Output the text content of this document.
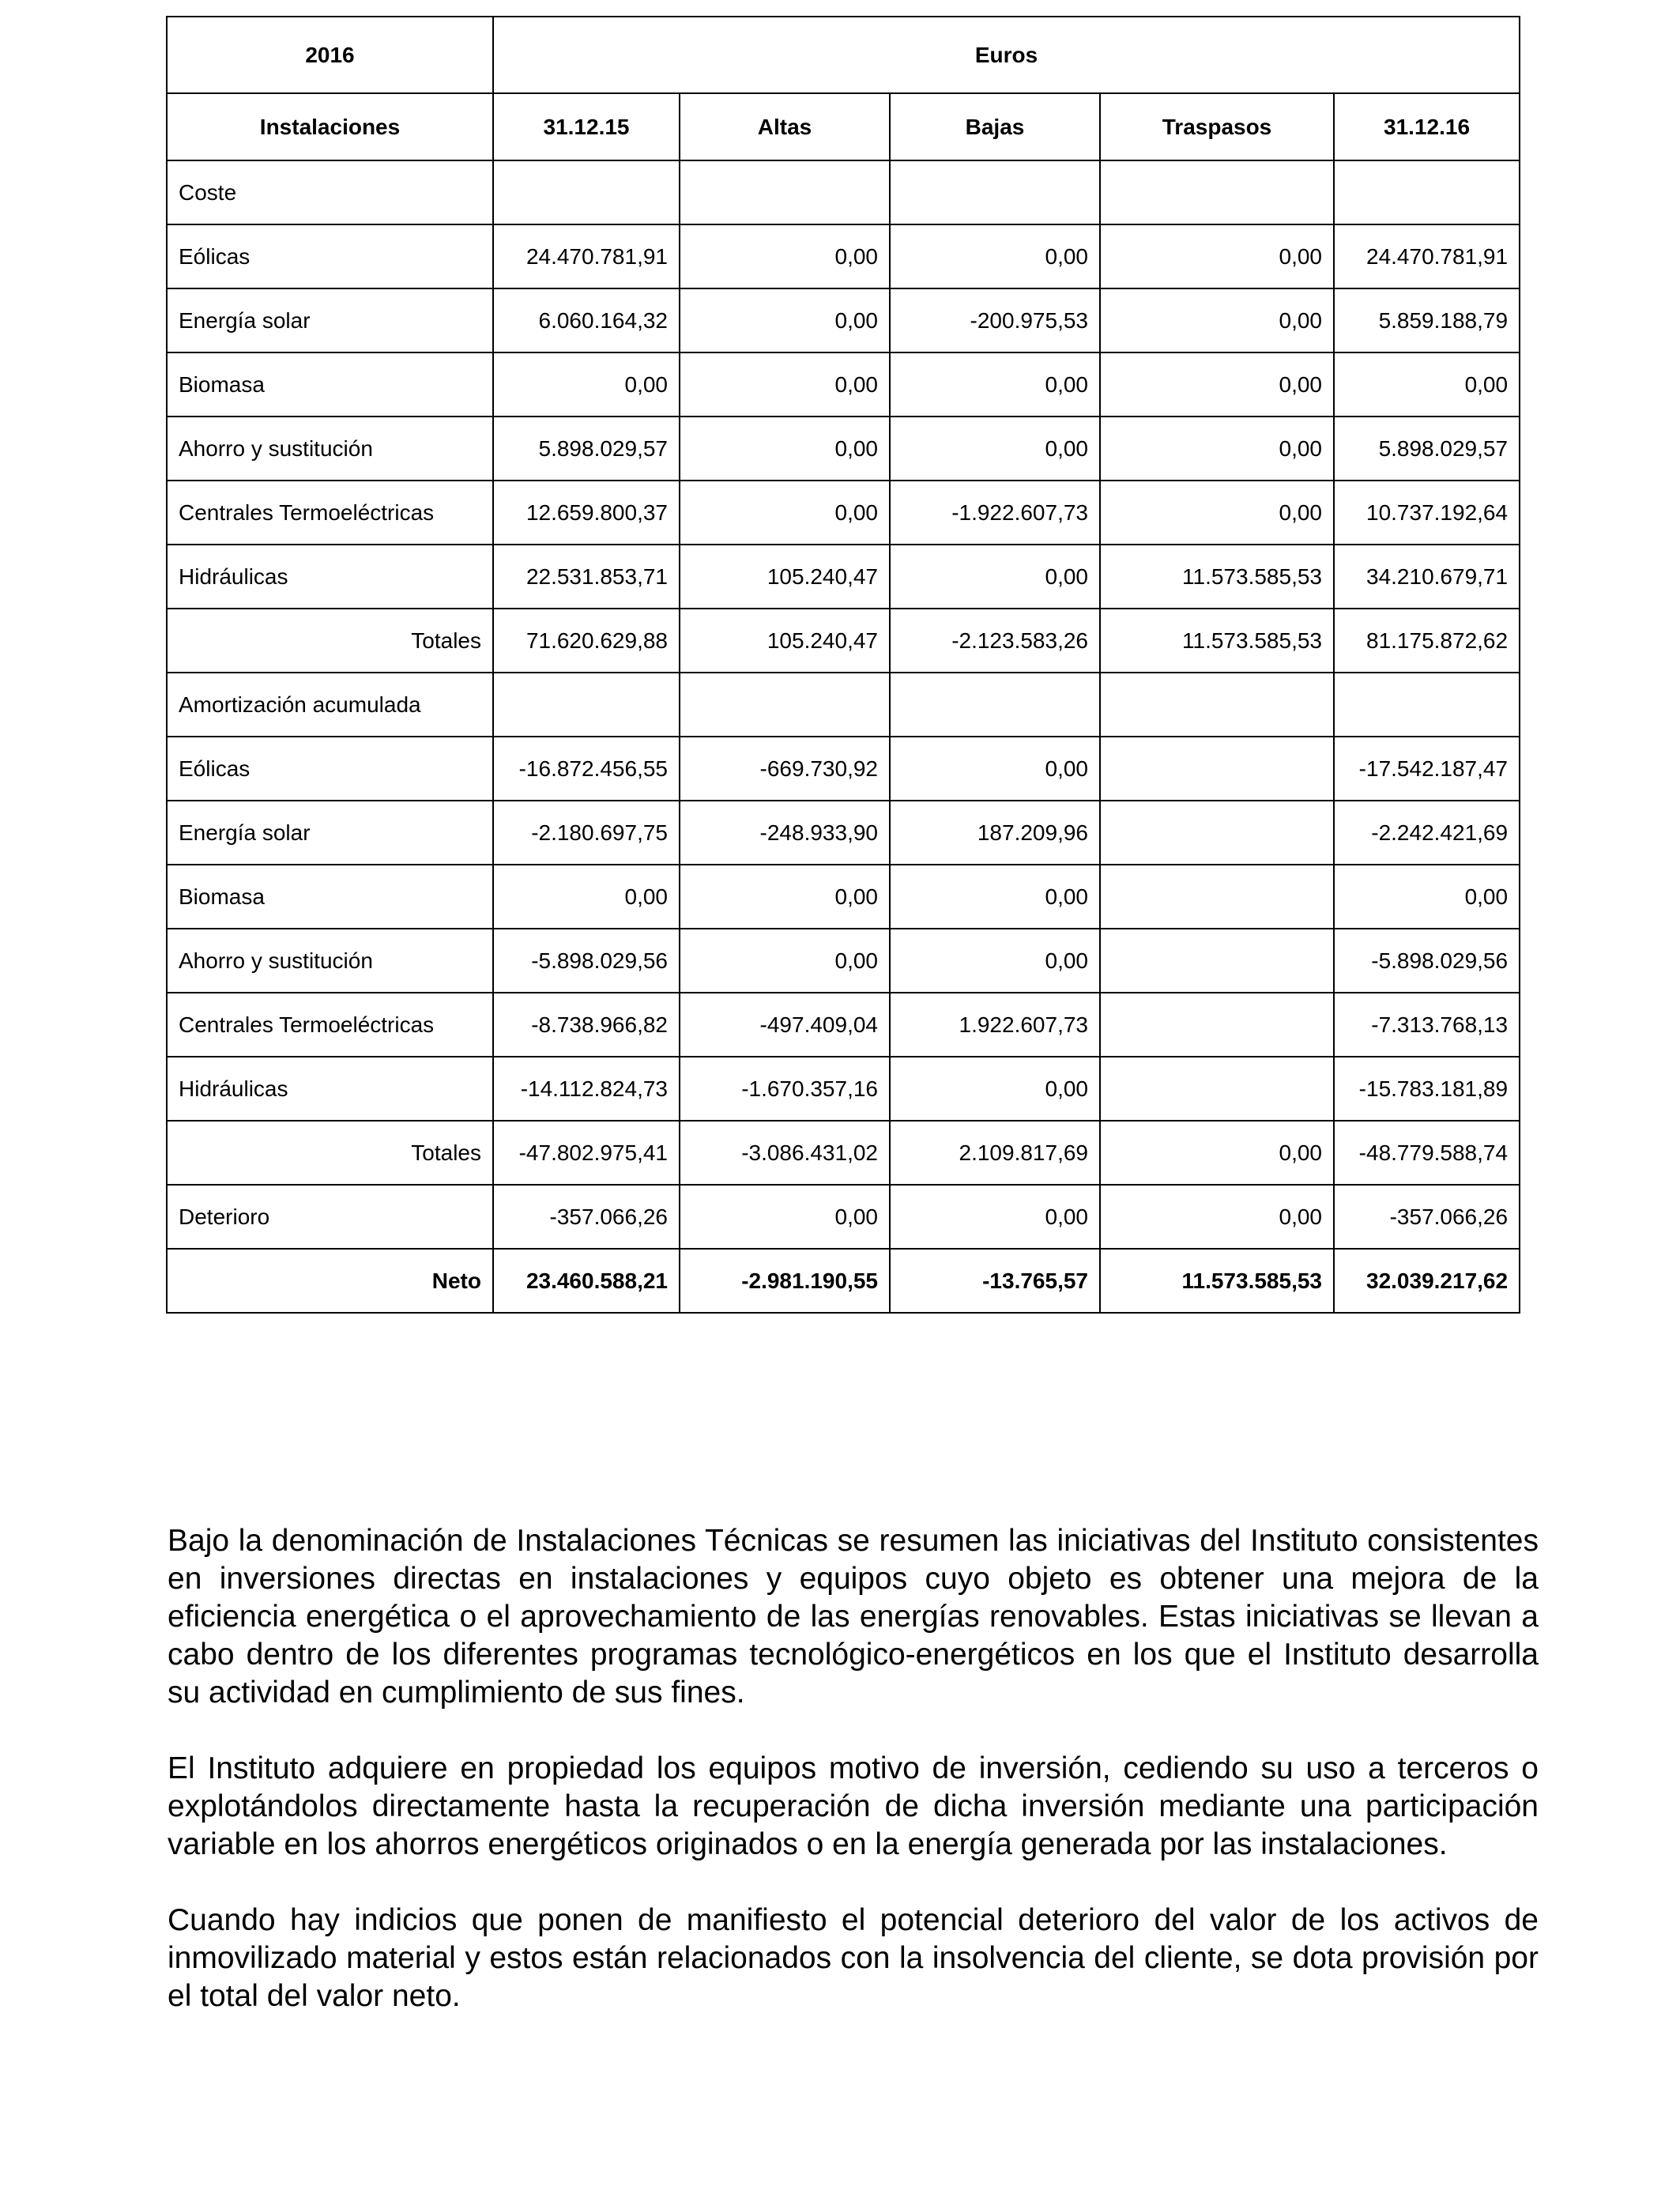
2016	Euros				
Instalaciones	31.12.15	Altas	Bajas	Traspasos	31.12.16
Coste					
Eólicas	24.470.781,91	0,00	0,00	0,00	24.470.781,91
Energía solar	6.060.164,32	0,00	-200.975,53	0,00	5.859.188,79
Biomasa	0,00	0,00	0,00	0,00	0,00
Ahorro y sustitución	5.898.029,57	0,00	0,00	0,00	5.898.029,57
Centrales Termoeléctricas	12.659.800,37	0,00	-1.922.607,73	0,00	10.737.192,64
Hidráulicas	22.531.853,71	105.240,47	0,00	11.573.585,53	34.210.679,71
Totales	71.620.629,88	105.240,47	-2.123.583,26	11.573.585,53	81.175.872,62
Amortización acumulada					
Eólicas	-16.872.456,55	-669.730,92	0,00		-17.542.187,47
Energía solar	-2.180.697,75	-248.933,90	187.209,96		-2.242.421,69
Biomasa	0,00	0,00	0,00		0,00
Ahorro y sustitución	-5.898.029,56	0,00	0,00		-5.898.029,56
Centrales Termoeléctricas	-8.738.966,82	-497.409,04	1.922.607,73		-7.313.768,13
Hidráulicas	-14.112.824,73	-1.670.357,16	0,00		-15.783.181,89
Totales	-47.802.975,41	-3.086.431,02	2.109.817,69	0,00	-48.779.588,74
Deterioro	-357.066,26	0,00	0,00	0,00	-357.066,26
Neto	23.460.588,21	-2.981.190,55	-13.765,57	11.573.585,53	32.039.217,62

Bajo la denominación de Instalaciones Técnicas se resumen las iniciativas del Instituto consistentes en inversiones directas en instalaciones y equipos cuyo objeto es obtener una mejora de la eficiencia energética o el aprovechamiento de las energías renovables. Estas iniciativas se llevan a cabo dentro de los diferentes programas tecnológico-energéticos en los que el Instituto desarrolla su actividad en cumplimiento de sus fines.

El Instituto adquiere en propiedad los equipos motivo de inversión, cediendo su uso a terceros o explotándolos directamente hasta la recuperación de dicha inversión mediante una participación variable en los ahorros energéticos originados o en la energía generada por las instalaciones.

Cuando hay indicios que ponen de manifiesto el potencial deterioro del valor de los activos de inmovilizado material y estos están relacionados con la insolvencia del cliente, se dota provisión por el total del valor neto.
